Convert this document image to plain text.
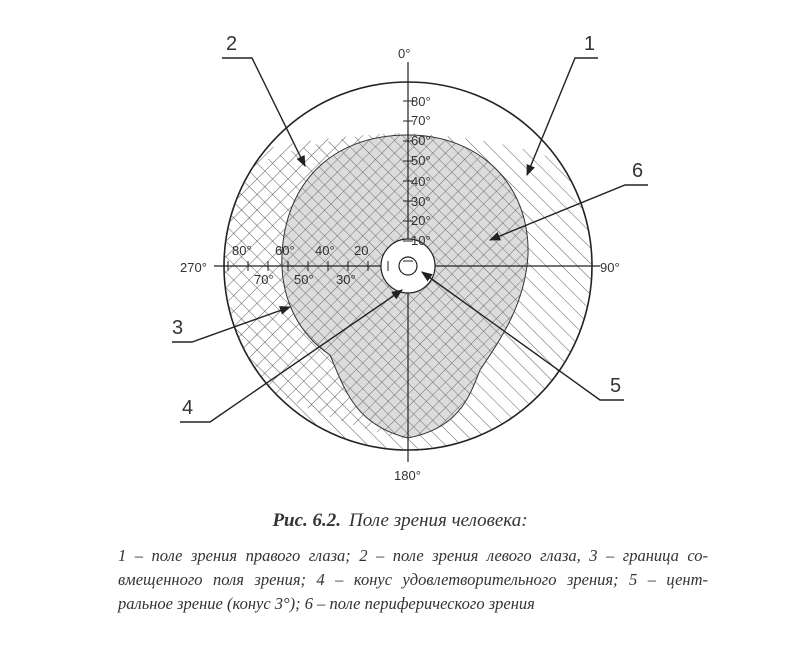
0°
90°
180°
270°
80°
70°
60°
50°
40°
30°
20°
10°
80° 60° 40° 20
70° 50° 30°
1
2
3
4
5
6
Рис. 6.2. Поле зрения человека:
1 – поле зрения правого глаза; 2 – поле зрения левого глаза, 3 – граница со-
вмещенного поля зрения; 4 – конус удовлетворительного зрения; 5 – цент-
ральное зрение (конус 3°); 6 – поле периферического зрения
